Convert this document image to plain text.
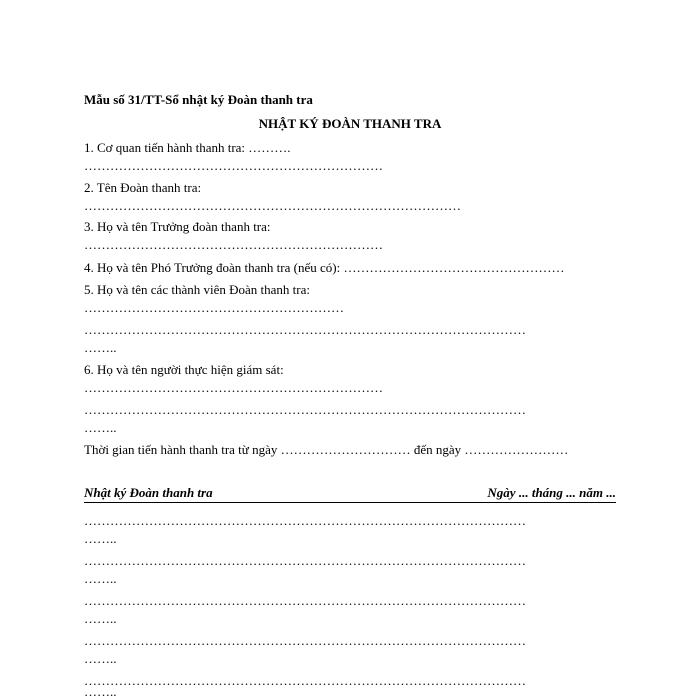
Mẫu số 31/TT-Sổ nhật ký Đoàn thanh tra
NHẬT KÝ ĐOÀN THANH TRA
1. Cơ quan tiến hành thanh tra: ……….
……………………………………………………………
2. Tên Đoàn thanh tra:
……………………………………………………………………………
3. Họ và tên Trưởng đoàn thanh tra:
……………………………………………………………
4. Họ và tên Phó Trưởng đoàn thanh tra (nếu có): ……………………………………………
5. Họ và tên các thành viên Đoàn thanh tra:
……………………………………………………
…………………………………………………………………………………………
……..
6. Họ và tên người thực hiện giám sát:
……………………………………………………………
…………………………………………………………………………………………
……..
Thời gian tiến hành thanh tra từ ngày ………………………… đến ngày ……………………
Nhật ký Đoàn thanh tra	Ngày ... tháng ... năm ...
…………………………………………………………………………………………
……..
…………………………………………………………………………………………
……..
…………………………………………………………………………………………
……..
…………………………………………………………………………………………
……..
…………………………………………………………………………………………
……..
